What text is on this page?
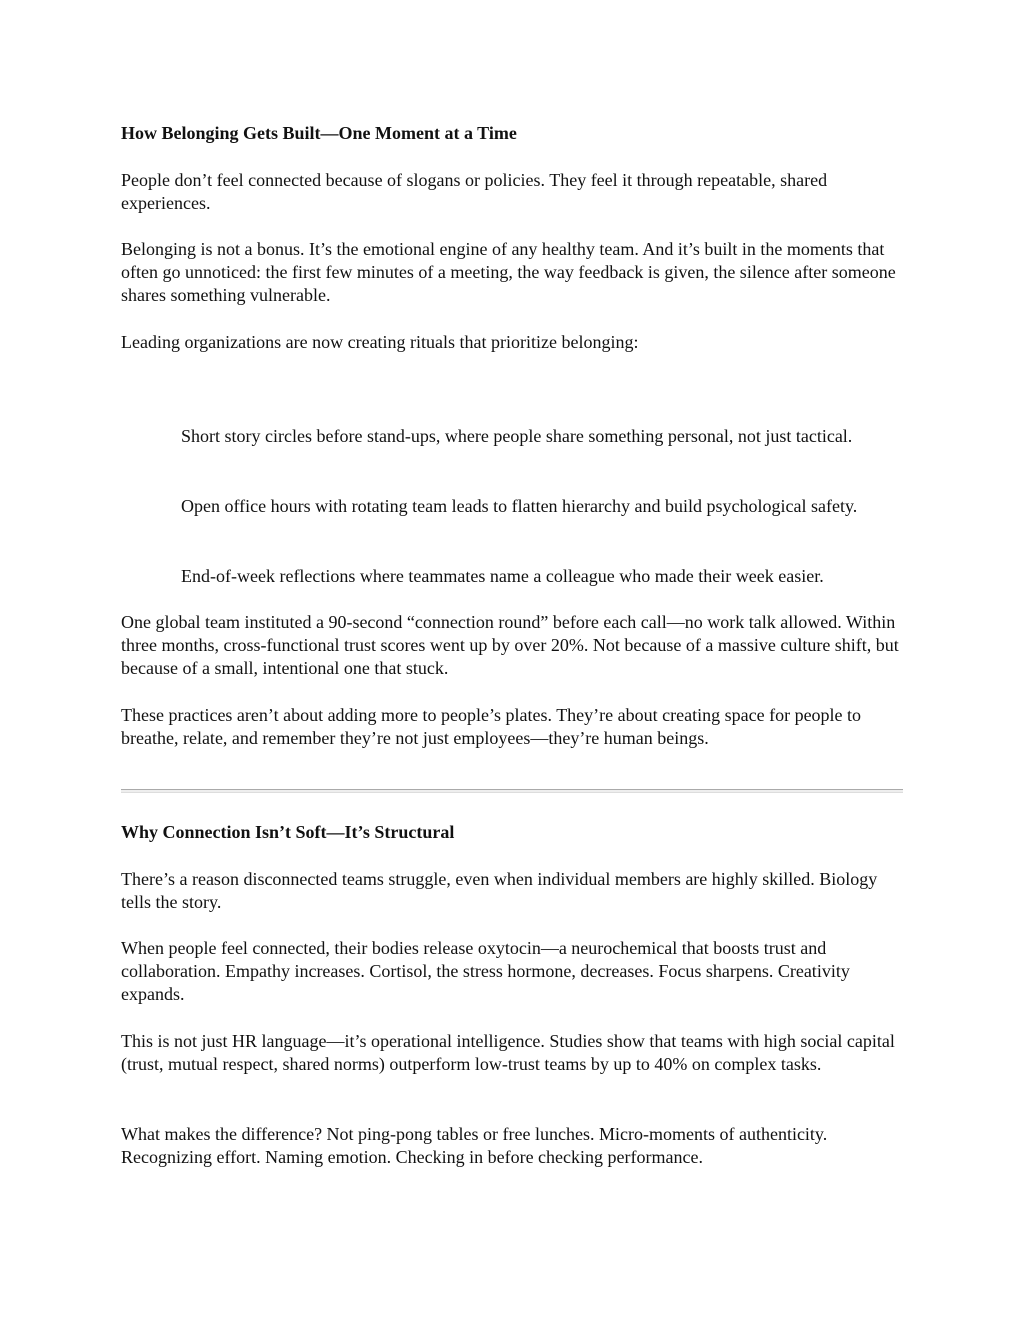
How Belonging Gets Built—One Moment at a Time

People don’t feel connected because of slogans or policies. They feel it through repeatable, shared experiences.

Belonging is not a bonus. It’s the emotional engine of any healthy team. And it’s built in the moments that often go unnoticed: the first few minutes of a meeting, the way feedback is given, the silence after someone shares something vulnerable.

Leading organizations are now creating rituals that prioritize belonging:

Short story circles before stand-ups, where people share something personal, not just tactical.

Open office hours with rotating team leads to flatten hierarchy and build psychological safety.

End-of-week reflections where teammates name a colleague who made their week easier.

One global team instituted a 90-second “connection round” before each call—no work talk allowed. Within three months, cross-functional trust scores went up by over 20%. Not because of a massive culture shift, but because of a small, intentional one that stuck.

These practices aren’t about adding more to people’s plates. They’re about creating space for people to breathe, relate, and remember they’re not just employees—they’re human beings.

Why Connection Isn’t Soft—It’s Structural

There’s a reason disconnected teams struggle, even when individual members are highly skilled. Biology tells the story.

When people feel connected, their bodies release oxytocin—a neurochemical that boosts trust and collaboration. Empathy increases. Cortisol, the stress hormone, decreases. Focus sharpens. Creativity expands.

This is not just HR language—it’s operational intelligence. Studies show that teams with high social capital (trust, mutual respect, shared norms) outperform low-trust teams by up to 40% on complex tasks.

What makes the difference? Not ping-pong tables or free lunches. Micro-moments of authenticity. Recognizing effort. Naming emotion. Checking in before checking performance.
